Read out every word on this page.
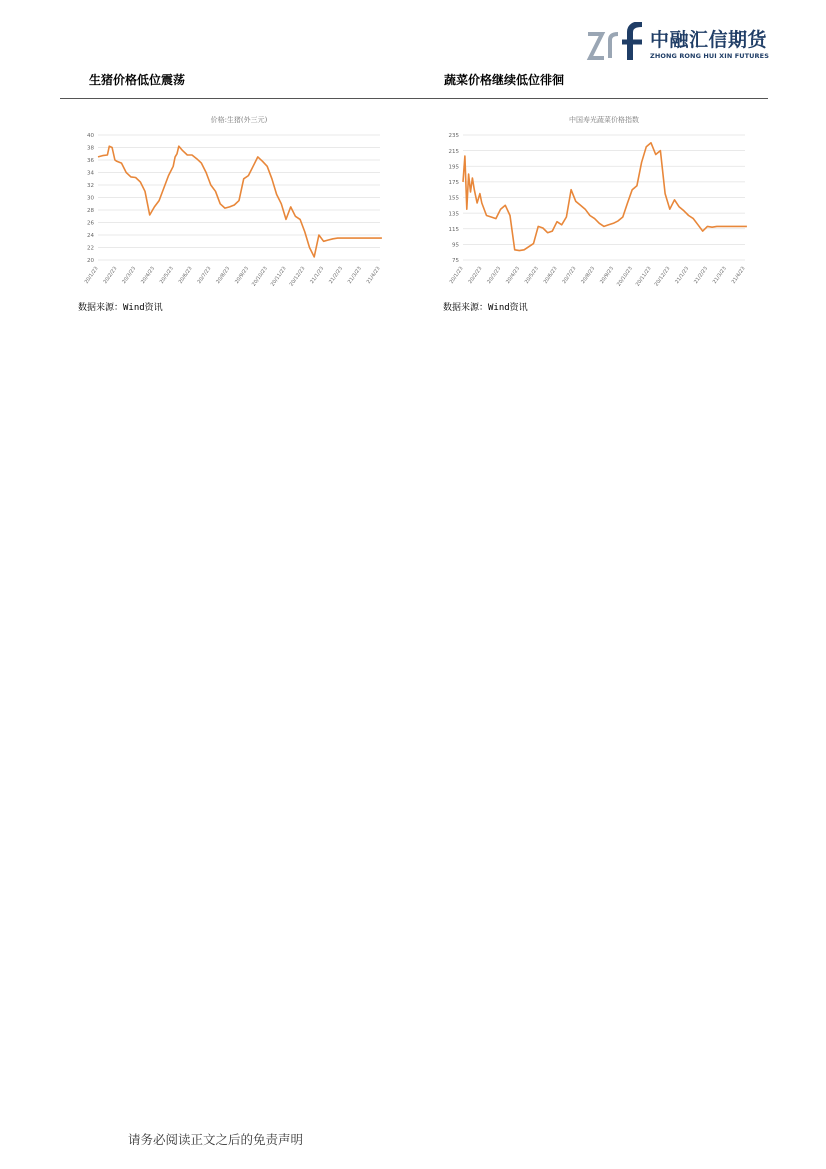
中融汇信期货
ZHONG RONG HUI XIN FUTURES
生猪价格低位震荡	蔬菜价格继续低位徘徊
价格:生猪(外三元)
20
22
24
26
28
30
32
34
36
38
40
20/1/23 20/2/23 20/3/23 20/4/23 20/5/23 20/6/23 20/7/23 20/8/23 20/9/23 20/10/23 20/11/23 20/12/23 21/1/23 21/2/23 21/3/23 21/4/23
中国寿光蔬菜价格指数
75
95
115
135
155
175
195
215
235
20/1/23 20/2/23 20/3/23 20/4/23 20/5/23 20/6/23 20/7/23 20/8/23 20/9/23 20/10/23 20/11/23 20/12/23 21/1/23 21/2/23 21/3/23 21/4/23
数据来源：Wind资讯	数据来源：Wind资讯
请务必阅读正文之后的免责声明
